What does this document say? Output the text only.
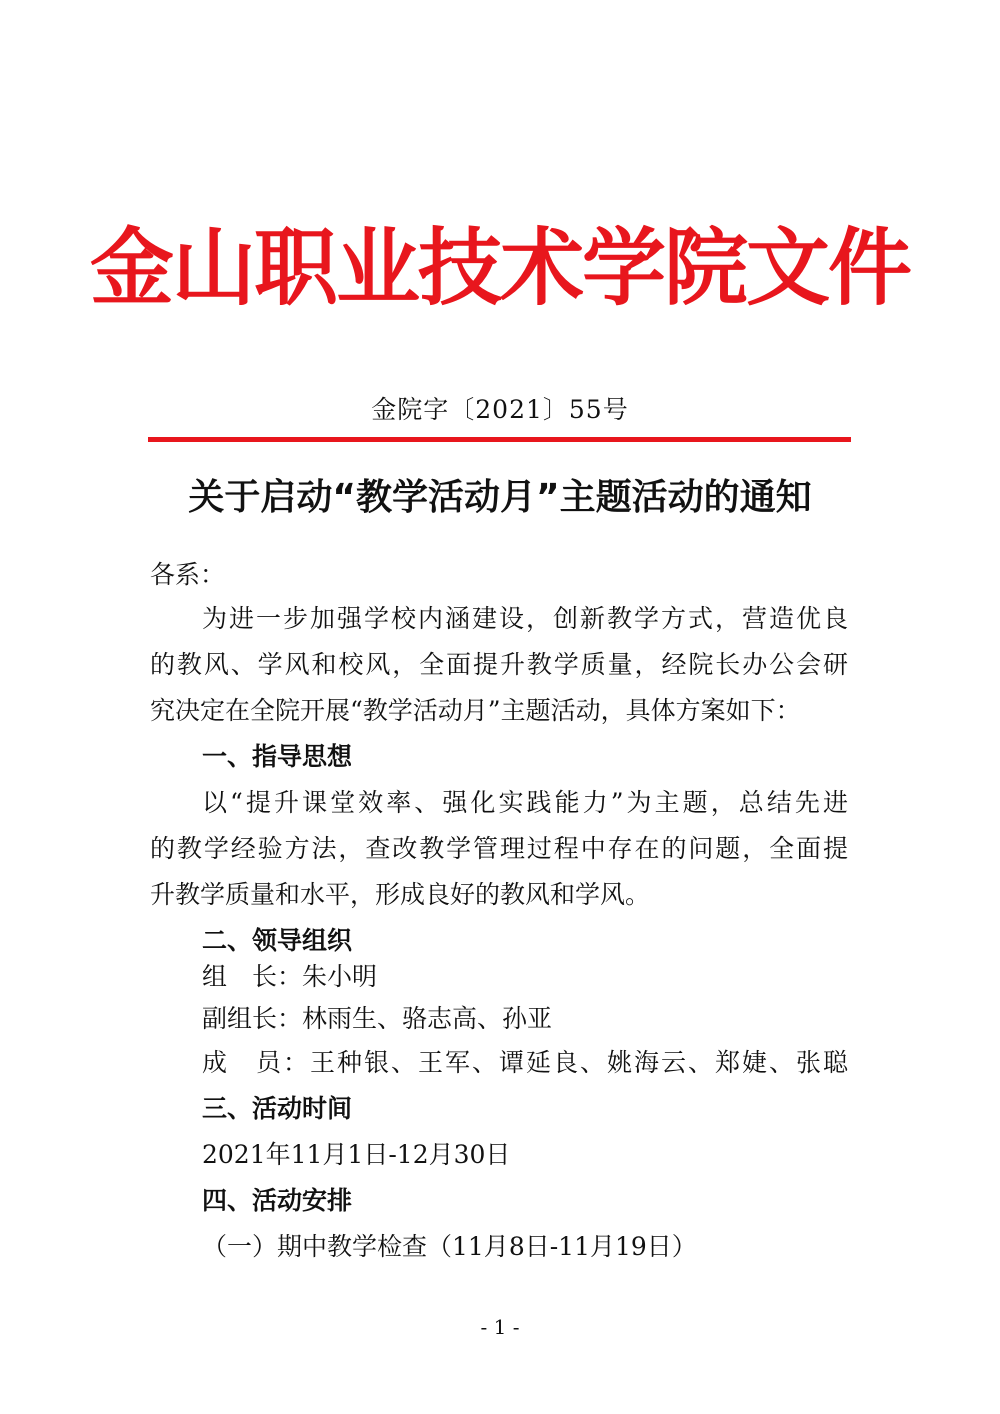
金山职业技术学院文件
金院字〔2021〕55号
关于启动“教学活动月”主题活动的通知
各系：
为进一步加强学校内涵建设，创新教学方式，营造优良
的教风、学风和校风，全面提升教学质量，经院长办公会研
究决定在全院开展“教学活动月”主题活动，具体方案如下：
一、指导思想
以“提升课堂效率、强化实践能力”为主题，总结先进
的教学经验方法，查改教学管理过程中存在的问题，全面提
升教学质量和水平，形成良好的教风和学风。
二、领导组织
组　长：朱小明
副组长：林雨生、骆志高、孙亚
成　员：王种银、王军、谭延良、姚海云、郑婕、张聪
三、活动时间
2021年11月1日-12月30日
四、活动安排
（一）期中教学检查（11月8日-11月19日）
- 1 -
